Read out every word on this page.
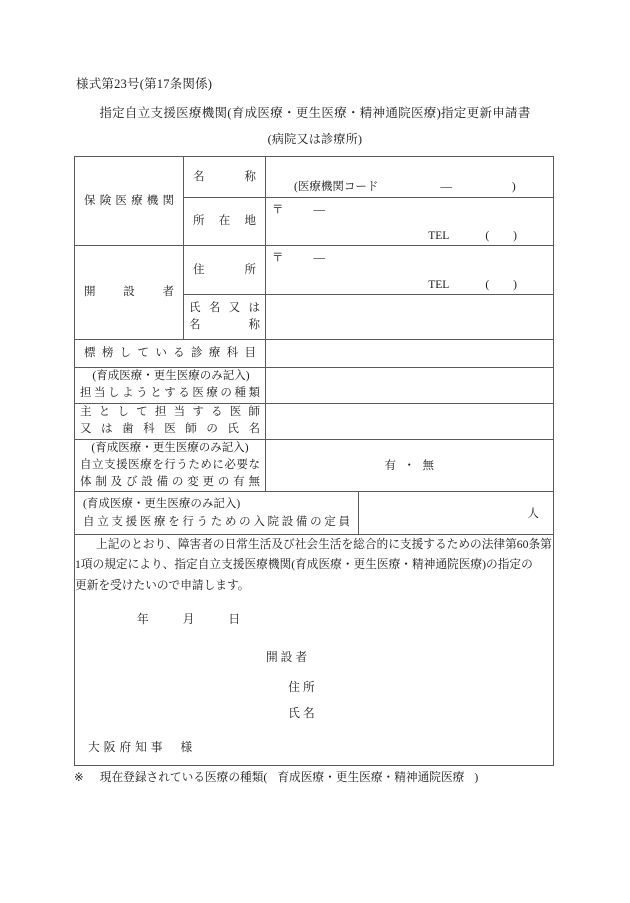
様式第23号(第17条関係)
指定自立支援医療機関(育成医療・更生医療・精神通院医療)指定更新申請書
(病院又は診療所)
保険医療機関	名称	(医療機関コード — )	

	所在地	〒 —
TEL ( )	

開設者	住所	〒 —
TEL ( )	

	氏名又は
名称		

標榜している診療科目			

(育成医療・更生医療のみ記入)
担当しようとする医療の種類			

主として担当する医師
又は歯科医師の氏名			

(育成医療・更生医療のみ記入)
自立支援医療を行うために必要な
体制及び設備の変更の有無		有 ・ 無	

(育成医療・更生医療のみ記入)
自立支援医療を行うための入院設備の定員			人

上記のとおり、障害者の日常生活及び社会生活を総合的に支援するための法律第60条第
1項の規定により、指定自立支援医療機関(育成医療・更生医療・精神通院医療)の指定の
更新を受けたいので申請します。
年	月	日
開設者
住所
氏名
大阪府知事 様
※ 現在登録されている医療の種類( 育成医療・更生医療・精神通院医療 )
